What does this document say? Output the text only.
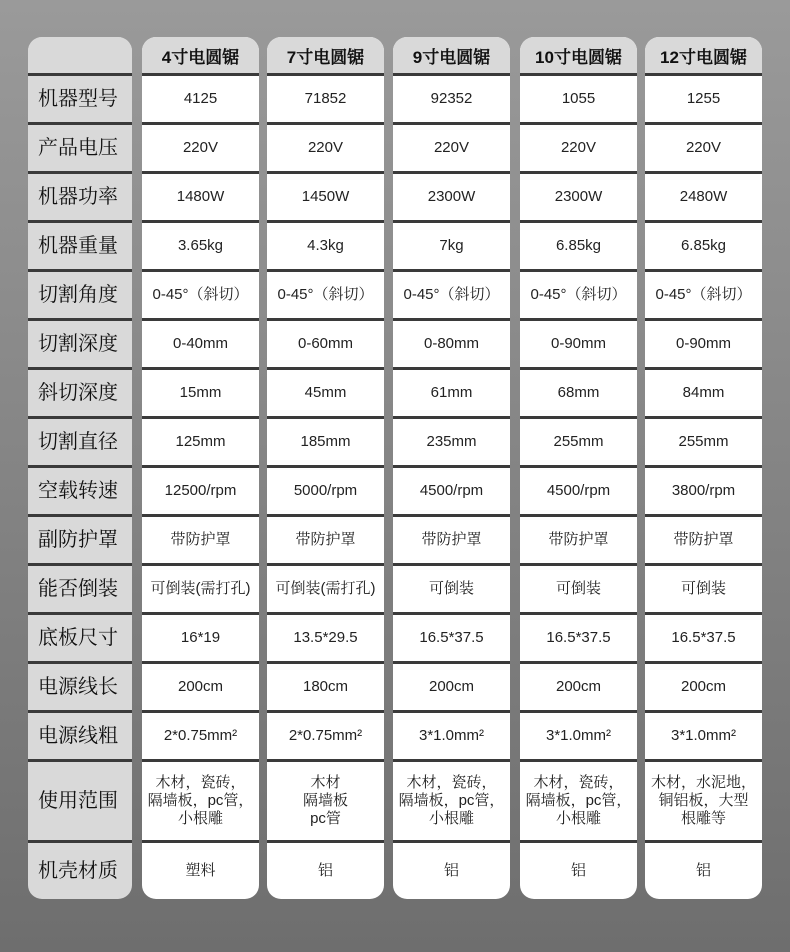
机器型号
产品电压
机器功率
机器重量
切割角度
切割深度
斜切深度
切割直径
空载转速
副防护罩
能否倒装
底板尺寸
电源线长
电源线粗
使用范围
机壳材质
4寸电圆锯
4125
220V
1480W
3.65kg
0-45°（斜切）
0-40mm
15mm
125mm
12500/rpm
带防护罩
可倒装(需打孔)
16*19
200cm
2*0.75mm²
木材，瓷砖，
隔墙板，pc管，
小根雕
塑料
7寸电圆锯
71852
220V
1450W
4.3kg
0-45°（斜切）
0-60mm
45mm
185mm
5000/rpm
带防护罩
可倒装(需打孔)
13.5*29.5
180cm
2*0.75mm²
木材
隔墙板
pc管
铝
9寸电圆锯
92352
220V
2300W
7kg
0-45°（斜切）
0-80mm
61mm
235mm
4500/rpm
带防护罩
可倒装
16.5*37.5
200cm
3*1.0mm²
木材，瓷砖，
隔墙板，pc管，
小根雕
铝
10寸电圆锯
1055
220V
2300W
6.85kg
0-45°（斜切）
0-90mm
68mm
255mm
4500/rpm
带防护罩
可倒装
16.5*37.5
200cm
3*1.0mm²
木材，瓷砖，
隔墙板，pc管，
小根雕
铝
12寸电圆锯
1255
220V
2480W
6.85kg
0-45°（斜切）
0-90mm
84mm
255mm
3800/rpm
带防护罩
可倒装
16.5*37.5
200cm
3*1.0mm²
木材，水泥地，
铜铝板，大型
根雕等
铝
